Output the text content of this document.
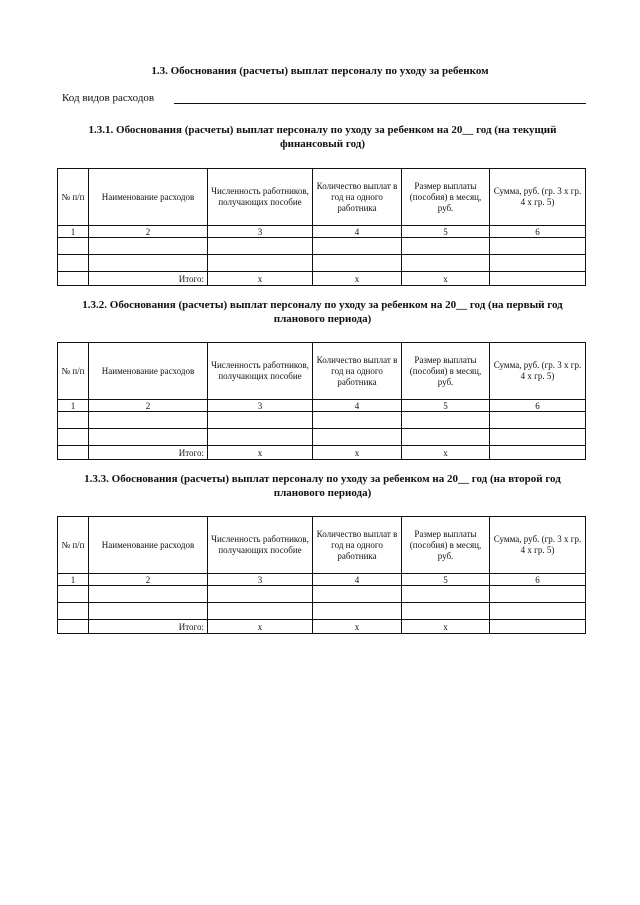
1.3. Обоснования (расчеты) выплат персоналу по уходу за ребенком
Код видов расходов
1.3.1. Обоснования (расчеты) выплат персоналу по уходу за ребенком на 20__ год (на текущий финансовый год)
№ п/п	Наименование расходов	Численность работников, получающих пособие	Количество выплат в год на одного работника	Размер выплаты (пособия) в месяц, руб.	Сумма, руб. (гр. 3 х гр. 4 х гр. 5)
1	2	3	4	5	6

	Итого:	х	х	х	
1.3.2. Обоснования (расчеты) выплат персоналу по уходу за ребенком на 20__ год (на первый год планового периода)
№ п/п	Наименование расходов	Численность работников, получающих пособие	Количество выплат в год на одного работника	Размер выплаты (пособия) в месяц, руб.	Сумма, руб. (гр. 3 х гр. 4 х гр. 5)
1	2	3	4	5	6

	Итого:	х	х	х	
1.3.3. Обоснования (расчеты) выплат персоналу по уходу за ребенком на 20__ год (на второй год планового периода)
№ п/п	Наименование расходов	Численность работников, получающих пособие	Количество выплат в год на одного работника	Размер выплаты (пособия) в месяц, руб.	Сумма, руб. (гр. 3 х гр. 4 х гр. 5)
1	2	3	4	5	6

	Итого:	х	х	х	
